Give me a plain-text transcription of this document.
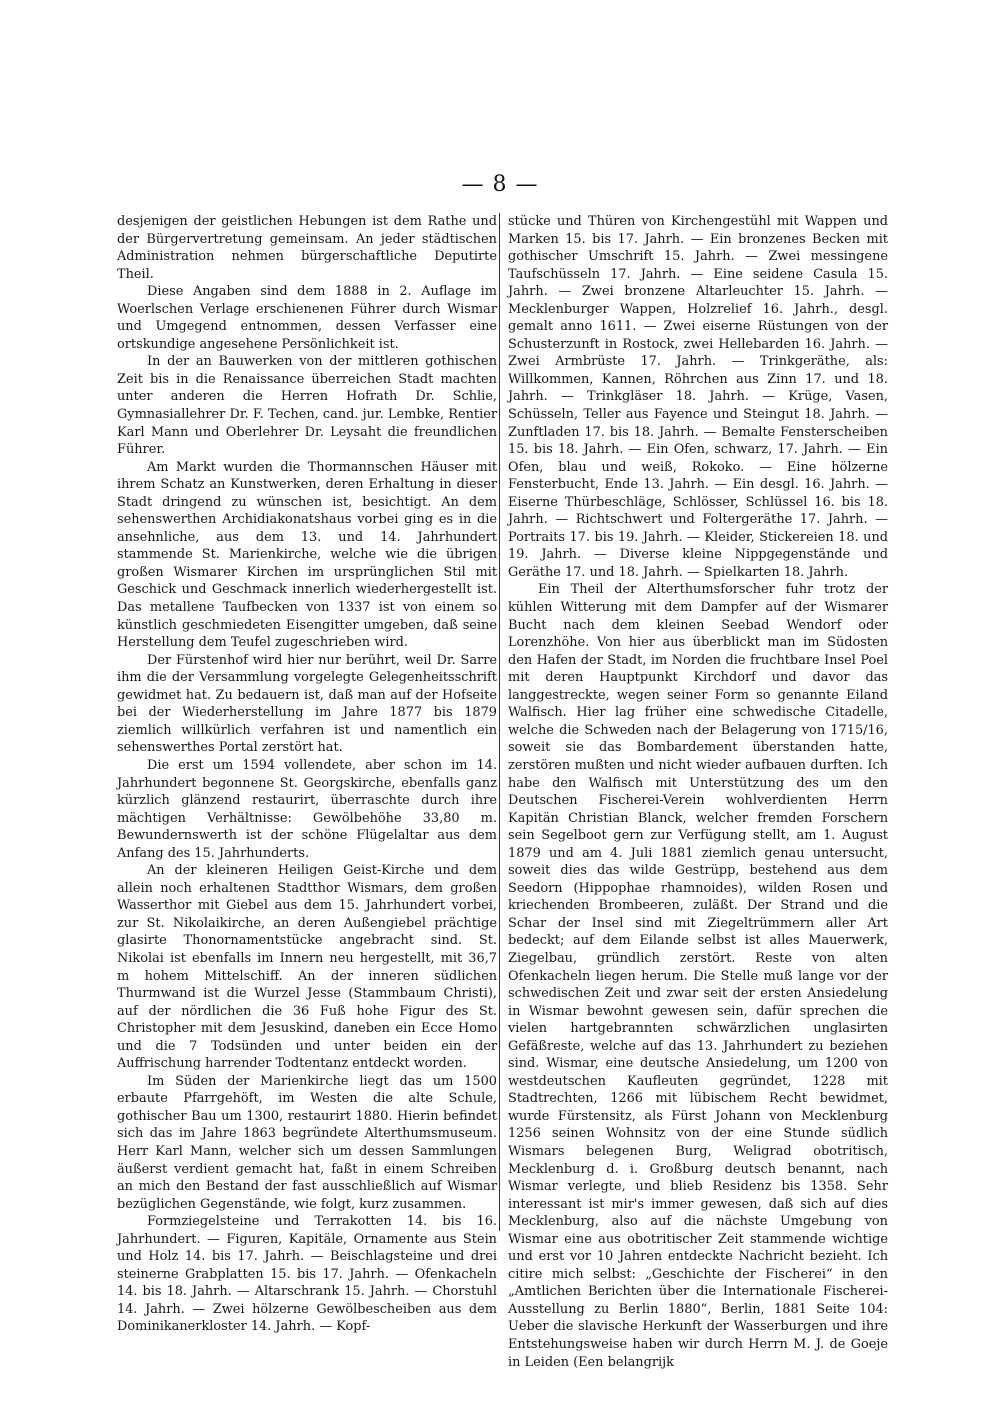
— 8 —

desjenigen der geistlichen Hebungen ist dem Rathe und der Bürgervertretung gemeinsam. An jeder städtischen Administration nehmen bürgerschaftliche Deputirte Theil.

Diese Angaben sind dem 1888 in 2. Auflage im Woerlschen Verlage erschienenen Führer durch Wismar und Umgegend entnommen, dessen Verfasser eine ortskundige angesehene Persönlichkeit ist.

In der an Bauwerken von der mittleren gothischen Zeit bis in die Renaissance überreichen Stadt machten unter anderen die Herren Hofrath Dr. Schlie, Gymnasiallehrer Dr. F. Techen, cand. jur. Lembke, Rentier Karl Mann und Oberlehrer Dr. Leysaht die freundlichen Führer.

Am Markt wurden die Thormannschen Häuser mit ihrem Schatz an Kunstwerken, deren Erhaltung in dieser Stadt dringend zu wünschen ist, besichtigt. An dem sehenswerthen Archidiakonatshaus vorbei ging es in die ansehnliche, aus dem 13. und 14. Jahrhundert stammende St. Marienkirche, welche wie die übrigen großen Wismarer Kirchen im ursprünglichen Stil mit Geschick und Geschmack innerlich wiederhergestellt ist. Das metallene Taufbecken von 1337 ist von einem so künstlich geschmiedeten Eisengitter umgeben, daß seine Herstellung dem Teufel zugeschrieben wird.

Der Fürstenhof wird hier nur berührt, weil Dr. Sarre ihm die der Versammlung vorgelegte Gelegenheitsschrift gewidmet hat. Zu bedauern ist, daß man auf der Hofseite bei der Wiederherstellung im Jahre 1877 bis 1879 ziemlich willkürlich verfahren ist und namentlich ein sehenswerthes Portal zerstört hat.

Die erst um 1594 vollendete, aber schon im 14. Jahrhundert begonnene St. Georgskirche, ebenfalls ganz kürzlich glänzend restaurirt, überraschte durch ihre mächtigen Verhältnisse: Gewölbehöhe 33,80 m. Bewundernswerth ist der schöne Flügelaltar aus dem Anfang des 15. Jahrhunderts.

An der kleineren Heiligen Geist-Kirche und dem allein noch erhaltenen Stadtthor Wismars, dem großen Wasserthor mit Giebel aus dem 15. Jahrhundert vorbei, zur St. Nikolaikirche, an deren Außengiebel prächtige glasirte Thonornamentstücke angebracht sind. St. Nikolai ist ebenfalls im Innern neu hergestellt, mit 36,7 m hohem Mittelschiff. An der inneren südlichen Thurmwand ist die Wurzel Jesse (Stammbaum Christi), auf der nördlichen die 36 Fuß hohe Figur des St. Christopher mit dem Jesuskind, daneben ein Ecce Homo und die 7 Todsünden und unter beiden ein der Auffrischung harrender Todtentanz entdeckt worden.

Im Süden der Marienkirche liegt das um 1500 erbaute Pfarrgehöft, im Westen die alte Schule, gothischer Bau um 1300, restaurirt 1880. Hierin befindet sich das im Jahre 1863 begründete Alterthumsmuseum. Herr Karl Mann, welcher sich um dessen Sammlungen äußerst verdient gemacht hat, faßt in einem Schreiben an mich den Bestand der fast ausschließlich auf Wismar bezüglichen Gegenstände, wie folgt, kurz zusammen.

Formziegelsteine und Terrakotten 14. bis 16. Jahrhundert. — Figuren, Kapitäle, Ornamente aus Stein und Holz 14. bis 17. Jahrh. — Beischlagsteine und drei steinerne Grabplatten 15. bis 17. Jahrh. — Ofenkacheln 14. bis 18. Jahrh. — Altarschrank 15. Jahrh. — Chorstuhl 14. Jahrh. — Zwei hölzerne Gewölbescheiben aus dem Dominikanerkloster 14. Jahrh. — Kopf-

stücke und Thüren von Kirchengestühl mit Wappen und Marken 15. bis 17. Jahrh. — Ein bronzenes Becken mit gothischer Umschrift 15. Jahrh. — Zwei messingene Taufschüsseln 17. Jahrh. — Eine seidene Casula 15. Jahrh. — Zwei bronzene Altarleuchter 15. Jahrh. — Mecklenburger Wappen, Holzrelief 16. Jahrh., desgl. gemalt anno 1611. — Zwei eiserne Rüstungen von der Schusterzunft in Rostock, zwei Hellebarden 16. Jahrh. — Zwei Armbrüste 17. Jahrh. — Trinkgeräthe, als: Willkommen, Kannen, Röhrchen aus Zinn 17. und 18. Jahrh. — Trinkgläser 18. Jahrh. — Krüge, Vasen, Schüsseln, Teller aus Fayence und Steingut 18. Jahrh. — Zunftladen 17. bis 18. Jahrh. — Bemalte Fensterscheiben 15. bis 18. Jahrh. — Ein Ofen, schwarz, 17. Jahrh. — Ein Ofen, blau und weiß, Rokoko. — Eine hölzerne Fensterbucht, Ende 13. Jahrh. — Ein desgl. 16. Jahrh. — Eiserne Thürbeschläge, Schlösser, Schlüssel 16. bis 18. Jahrh. — Richtschwert und Foltergeräthe 17. Jahrh. — Portraits 17. bis 19. Jahrh. — Kleider, Stickereien 18. und 19. Jahrh. — Diverse kleine Nippgegenstände und Geräthe 17. und 18. Jahrh. — Spielkarten 18. Jahrh.

Ein Theil der Alterthumsforscher fuhr trotz der kühlen Witterung mit dem Dampfer auf der Wismarer Bucht nach dem kleinen Seebad Wendorf oder Lorenzhöhe. Von hier aus überblickt man im Südosten den Hafen der Stadt, im Norden die fruchtbare Insel Poel mit deren Hauptpunkt Kirchdorf und davor das langgestreckte, wegen seiner Form so genannte Eiland Walfisch. Hier lag früher eine schwedische Citadelle, welche die Schweden nach der Belagerung von 1715/16, soweit sie das Bombardement überstanden hatte, zerstören mußten und nicht wieder aufbauen durften. Ich habe den Walfisch mit Unterstützung des um den Deutschen Fischerei-Verein wohlverdienten Herrn Kapitän Christian Blanck, welcher fremden Forschern sein Segelboot gern zur Verfügung stellt, am 1. August 1879 und am 4. Juli 1881 ziemlich genau untersucht, soweit dies das wilde Gestrüpp, bestehend aus dem Seedorn (Hippophae rhamnoides), wilden Rosen und kriechenden Brombeeren, zuläßt. Der Strand und die Schar der Insel sind mit Ziegeltrümmern aller Art bedeckt; auf dem Eilande selbst ist alles Mauerwerk, Ziegelbau, gründlich zerstört. Reste von alten Ofenkacheln liegen herum. Die Stelle muß lange vor der schwedischen Zeit und zwar seit der ersten Ansiedelung in Wismar bewohnt gewesen sein, dafür sprechen die vielen hartgebrannten schwärzlichen unglasirten Gefäßreste, welche auf das 13. Jahrhundert zu beziehen sind. Wismar, eine deutsche Ansiedelung, um 1200 von westdeutschen Kaufleuten gegründet, 1228 mit Stadtrechten, 1266 mit lübischem Recht bewidmet, wurde Fürstensitz, als Fürst Johann von Mecklenburg 1256 seinen Wohnsitz von der eine Stunde südlich Wismars belegenen Burg, Weligrad obotritisch, Mecklenburg d. i. Großburg deutsch benannt, nach Wismar verlegte, und blieb Residenz bis 1358. Sehr interessant ist mir's immer gewesen, daß sich auf dies Mecklenburg, also auf die nächste Umgebung von Wismar eine aus obotritischer Zeit stammende wichtige und erst vor 10 Jahren entdeckte Nachricht bezieht. Ich citire mich selbst: „Geschichte der Fischerei“ in den „Amtlichen Berichten über die Internationale Fischerei-Ausstellung zu Berlin 1880“, Berlin, 1881 Seite 104: Ueber die slavische Herkunft der Wasserburgen und ihre Entstehungsweise haben wir durch Herrn M. J. de Goeje in Leiden (Een belangrijk
